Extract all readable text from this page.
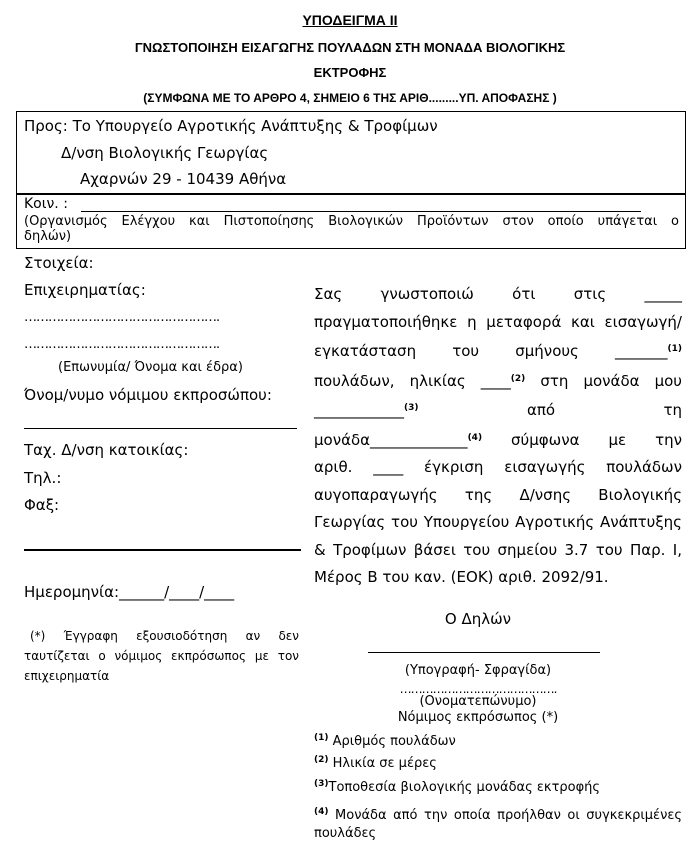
ΥΠΟΔΕΙΓΜΑ ΙΙ
ΓΝΩΣΤΟΠΟΙΗΣΗ ΕΙΣΑΓΩΓΗΣ ΠΟΥΛΑΔΩΝ ΣΤΗ ΜΟΝΑΔΑ ΒΙΟΛΟΓΙΚΗΣ
ΕΚΤΡΟΦΗΣ
(ΣΥΜΦΩΝΑ ΜΕ ΤΟ ΑΡΘΡΟ 4, ΣΗΜΕΙΟ 6 ΤΗΣ ΑΡΙΘ.........ΥΠ. ΑΠΟΦΑΣΗΣ )
Προς: Το Υπουργείο Αγροτικής Ανάπτυξης & Τροφίμων
Δ/νση Βιολογικής Γεωργίας
Αχαρνών 29 - 10439 Αθήνα
Κοιν. :
(Οργανισμός Ελέγχου και Πιστοποίησης Βιολογικών Προϊόντων στον οποίο υπάγεται ο
δηλών)
Στοιχεία:
Επιχειρηματίας:
………………………………………….
………………………………………….
(Επωνυμία/ Όνομα και έδρα)
Όνομ/νυμο νόμιμου εκπροσώπου:
Ταχ. Δ/νση κατοικίας:
Τηλ.:
Φαξ:
Ημερομηνία:______/____/____
(*) Έγγραφη εξουσιοδότηση αν δεν
ταυτίζεται ο νόμιμος εκπρόσωπος με τον
επιχειρηματία
Σας γνωστοποιώ ότι στις _____
πραγματοποιήθηκε η μεταφορά και εισαγωγή/
εγκατάσταση του σμήνους _______$^{(1)}$
πουλάδων, ηλικίας ____$^{(2)}$ στη μονάδα μου
____________$^{(3)}$	από τη
μονάδα_____________$^{(4)}$ σύμφωνα με την
αριθ. ____ έγκριση εισαγωγής πουλάδων
αυγοπαραγωγής της Δ/νσης Βιολογικής
Γεωργίας του Υπουργείου Αγροτικής Ανάπτυξης
& Τροφίμων βάσει του σημείου 3.7 του Παρ. Ι,
Μέρος Β του καν. (ΕΟΚ) αριθ. 2092/91.
Ο Δηλών
(Υπογραφή- Σφραγίδα)
…………………………………….
(Ονοματεπώνυμο)
Νόμιμος εκπρόσωπος (*)
$^{(1)}$ Αριθμός πουλάδων
$^{(2)}$ Ηλικία σε μέρες
$^{(3)}$Τοποθεσία βιολογικής μονάδας εκτροφής
$^{(4)}$ Μονάδα από την οποία προήλθαν οι συγκεκριμένες
πουλάδες
